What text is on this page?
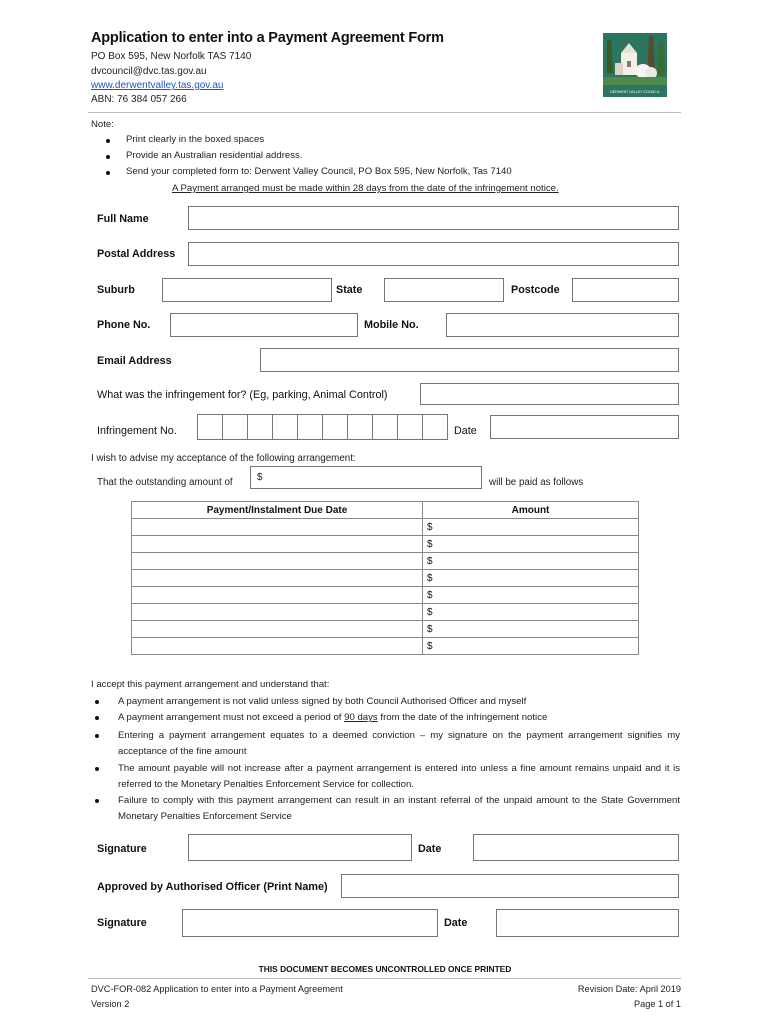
Application to enter into a Payment Agreement Form
PO Box 595, New Norfolk TAS 7140
dvcouncil@dvc.tas.gov.au
www.derwentvalley.tas.gov.au
ABN: 76 384 057 266
DERWENT VALLEY COUNCIL
Note:
Print clearly in the boxed spaces
Provide an Australian residential address.
Send your completed form to: Derwent Valley Council, PO Box 595, New Norfolk, Tas 7140
A Payment arranged must be made within 28 days from the date of the infringement notice.
Full Name
Postal Address
Suburb	State	Postcode
Phone No.	Mobile No.
Email Address
What was the infringement for? (Eg, parking, Animal Control)
Infringement No.	Date
I wish to advise my acceptance of the following arrangement:
That the outstanding amount of $	will be paid as follows
Payment/Instalment Due Date	Amount
	$
	$
	$
	$
	$
	$
	$
	$
I accept this payment arrangement and understand that:
A payment arrangement is not valid unless signed by both Council Authorised Officer and myself
A payment arrangement must not exceed a period of 90 days from the date of the infringement notice
Entering a payment arrangement equates to a deemed conviction – my signature on the payment arrangement signifies my acceptance of the fine amount
The amount payable will not increase after a payment arrangement is entered into unless a fine amount remains unpaid and it is referred to the Monetary Penalties Enforcement Service for collection.
Failure to comply with this payment arrangement can result in an instant referral of the unpaid amount to the State Government Monetary Penalties Enforcement Service
Signature	Date
Approved by Authorised Officer (Print Name)
Signature	Date
THIS DOCUMENT BECOMES UNCONTROLLED ONCE PRINTED
DVC-FOR-082 Application to enter into a Payment Agreement
Version 2
Revision Date: April 2019
Page 1 of 1
